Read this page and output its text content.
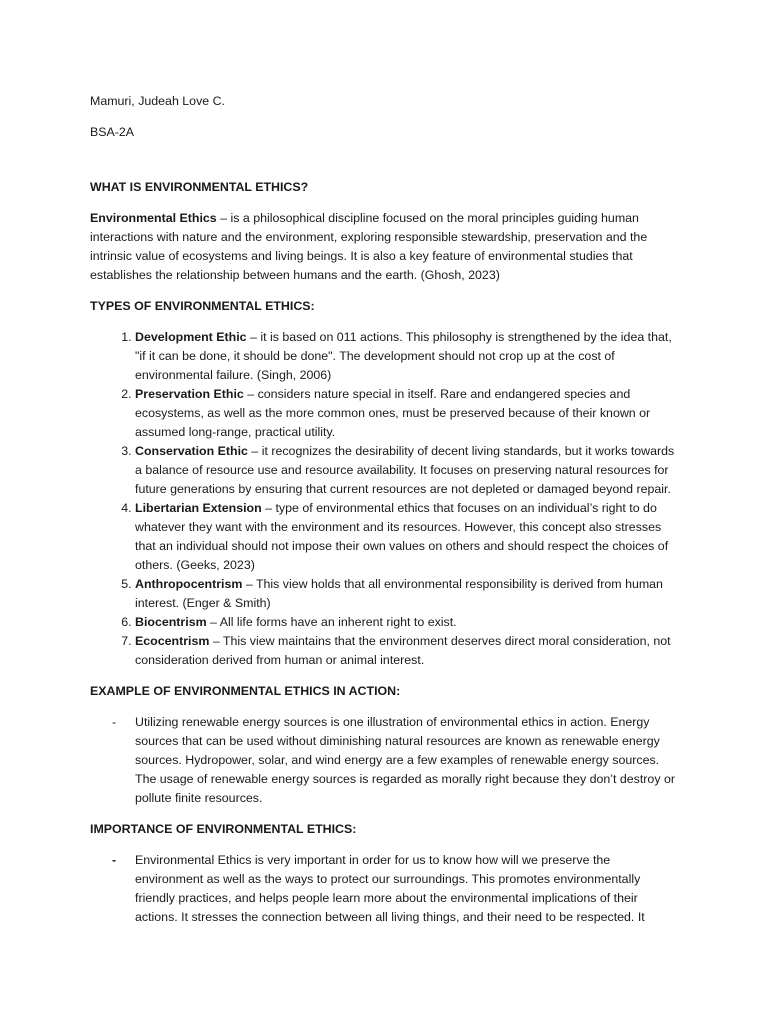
Mamuri, Judeah Love C.

BSA-2A

WHAT IS ENVIRONMENTAL ETHICS?

Environmental Ethics – is a philosophical discipline focused on the moral principles guiding human interactions with nature and the environment, exploring responsible stewardship, preservation and the intrinsic value of ecosystems and living beings. It is also a key feature of environmental studies that establishes the relationship between humans and the earth. (Ghosh, 2023)

TYPES OF ENVIRONMENTAL ETHICS:

1. Development Ethic – it is based on 011 actions. This philosophy is strengthened by the idea that, "if it can be done, it should be done". The development should not crop up at the cost of environmental failure. (Singh, 2006)
2. Preservation Ethic – considers nature special in itself. Rare and endangered species and ecosystems, as well as the more common ones, must be preserved because of their known or assumed long-range, practical utility.
3. Conservation Ethic – it recognizes the desirability of decent living standards, but it works towards a balance of resource use and resource availability. It focuses on preserving natural resources for future generations by ensuring that current resources are not depleted or damaged beyond repair.
4. Libertarian Extension – type of environmental ethics that focuses on an individual’s right to do whatever they want with the environment and its resources. However, this concept also stresses that an individual should not impose their own values on others and should respect the choices of others. (Geeks, 2023)
5. Anthropocentrism – This view holds that all environmental responsibility is derived from human interest. (Enger & Smith)
6. Biocentrism – All life forms have an inherent right to exist.
7. Ecocentrism – This view maintains that the environment deserves direct moral consideration, not consideration derived from human or animal interest.

EXAMPLE OF ENVIRONMENTAL ETHICS IN ACTION:

- Utilizing renewable energy sources is one illustration of environmental ethics in action. Energy sources that can be used without diminishing natural resources are known as renewable energy sources. Hydropower, solar, and wind energy are a few examples of renewable energy sources. The usage of renewable energy sources is regarded as morally right because they don’t destroy or pollute finite resources.

IMPORTANCE OF ENVIRONMENTAL ETHICS:

- Environmental Ethics is very important in order for us to know how will we preserve the environment as well as the ways to protect our surroundings. This promotes environmentally friendly practices, and helps people learn more about the environmental implications of their actions. It stresses the connection between all living things, and their need to be respected. It
